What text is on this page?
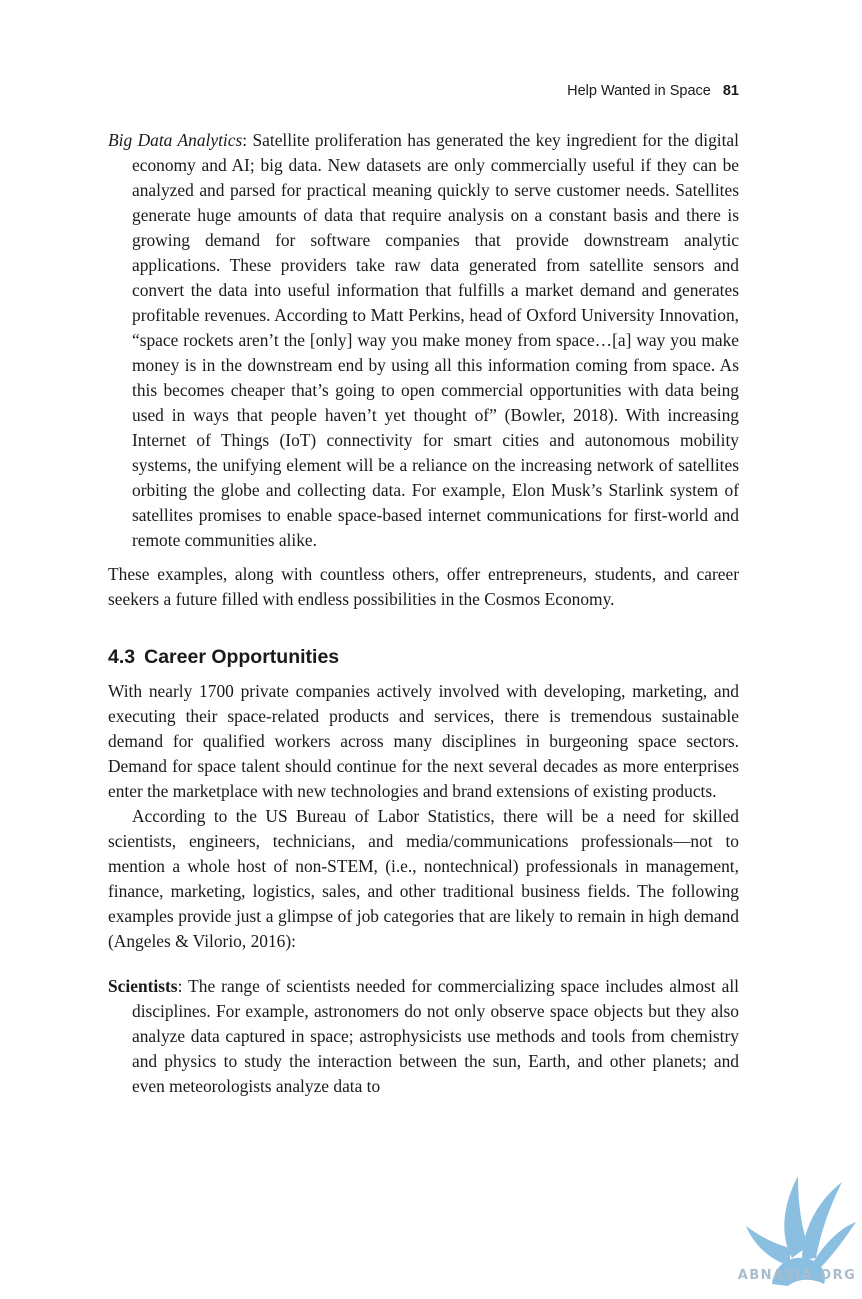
Help Wanted in Space 81

Big Data Analytics: Satellite proliferation has generated the key ingredient for the digital economy and AI; big data. New datasets are only commercially useful if they can be analyzed and parsed for practical meaning quickly to serve customer needs. Satellites generate huge amounts of data that require analysis on a constant basis and there is growing demand for software companies that provide downstream analytic applications. These providers take raw data generated from satellite sensors and convert the data into useful information that fulfills a market demand and generates profitable revenues. According to Matt Perkins, head of Oxford University Innovation, “space rockets aren’t the [only] way you make money from space…[a] way you make money is in the downstream end by using all this information coming from space. As this becomes cheaper that’s going to open commercial opportunities with data being used in ways that people haven’t yet thought of” (Bowler, 2018). With increasing Internet of Things (IoT) connectivity for smart cities and autonomous mobility systems, the unifying element will be a reliance on the increasing network of satellites orbiting the globe and collecting data. For example, Elon Musk’s Starlink system of satellites promises to enable space-based internet communications for first-world and remote communities alike.

These examples, along with countless others, offer entrepreneurs, students, and career seekers a future filled with endless possibilities in the Cosmos Economy.

4.3 Career Opportunities

With nearly 1700 private companies actively involved with developing, marketing, and executing their space-related products and services, there is tremendous sustainable demand for qualified workers across many disciplines in burgeoning space sectors. Demand for space talent should continue for the next several decades as more enterprises enter the marketplace with new technologies and brand extensions of existing products.

According to the US Bureau of Labor Statistics, there will be a need for skilled scientists, engineers, technicians, and media/communications professionals—not to mention a whole host of non-STEM, (i.e., nontechnical) professionals in management, finance, marketing, logistics, sales, and other traditional business fields. The following examples provide just a glimpse of job categories that are likely to remain in high demand (Angeles & Vilorio, 2016):

Scientists: The range of scientists needed for commercializing space includes almost all disciplines. For example, astronomers do not only observe space objects but they also analyze data captured in space; astrophysicists use methods and tools from chemistry and physics to study the interaction between the sun, Earth, and other planets; and even meteorologists analyze data to

ABNASIA.ORG
